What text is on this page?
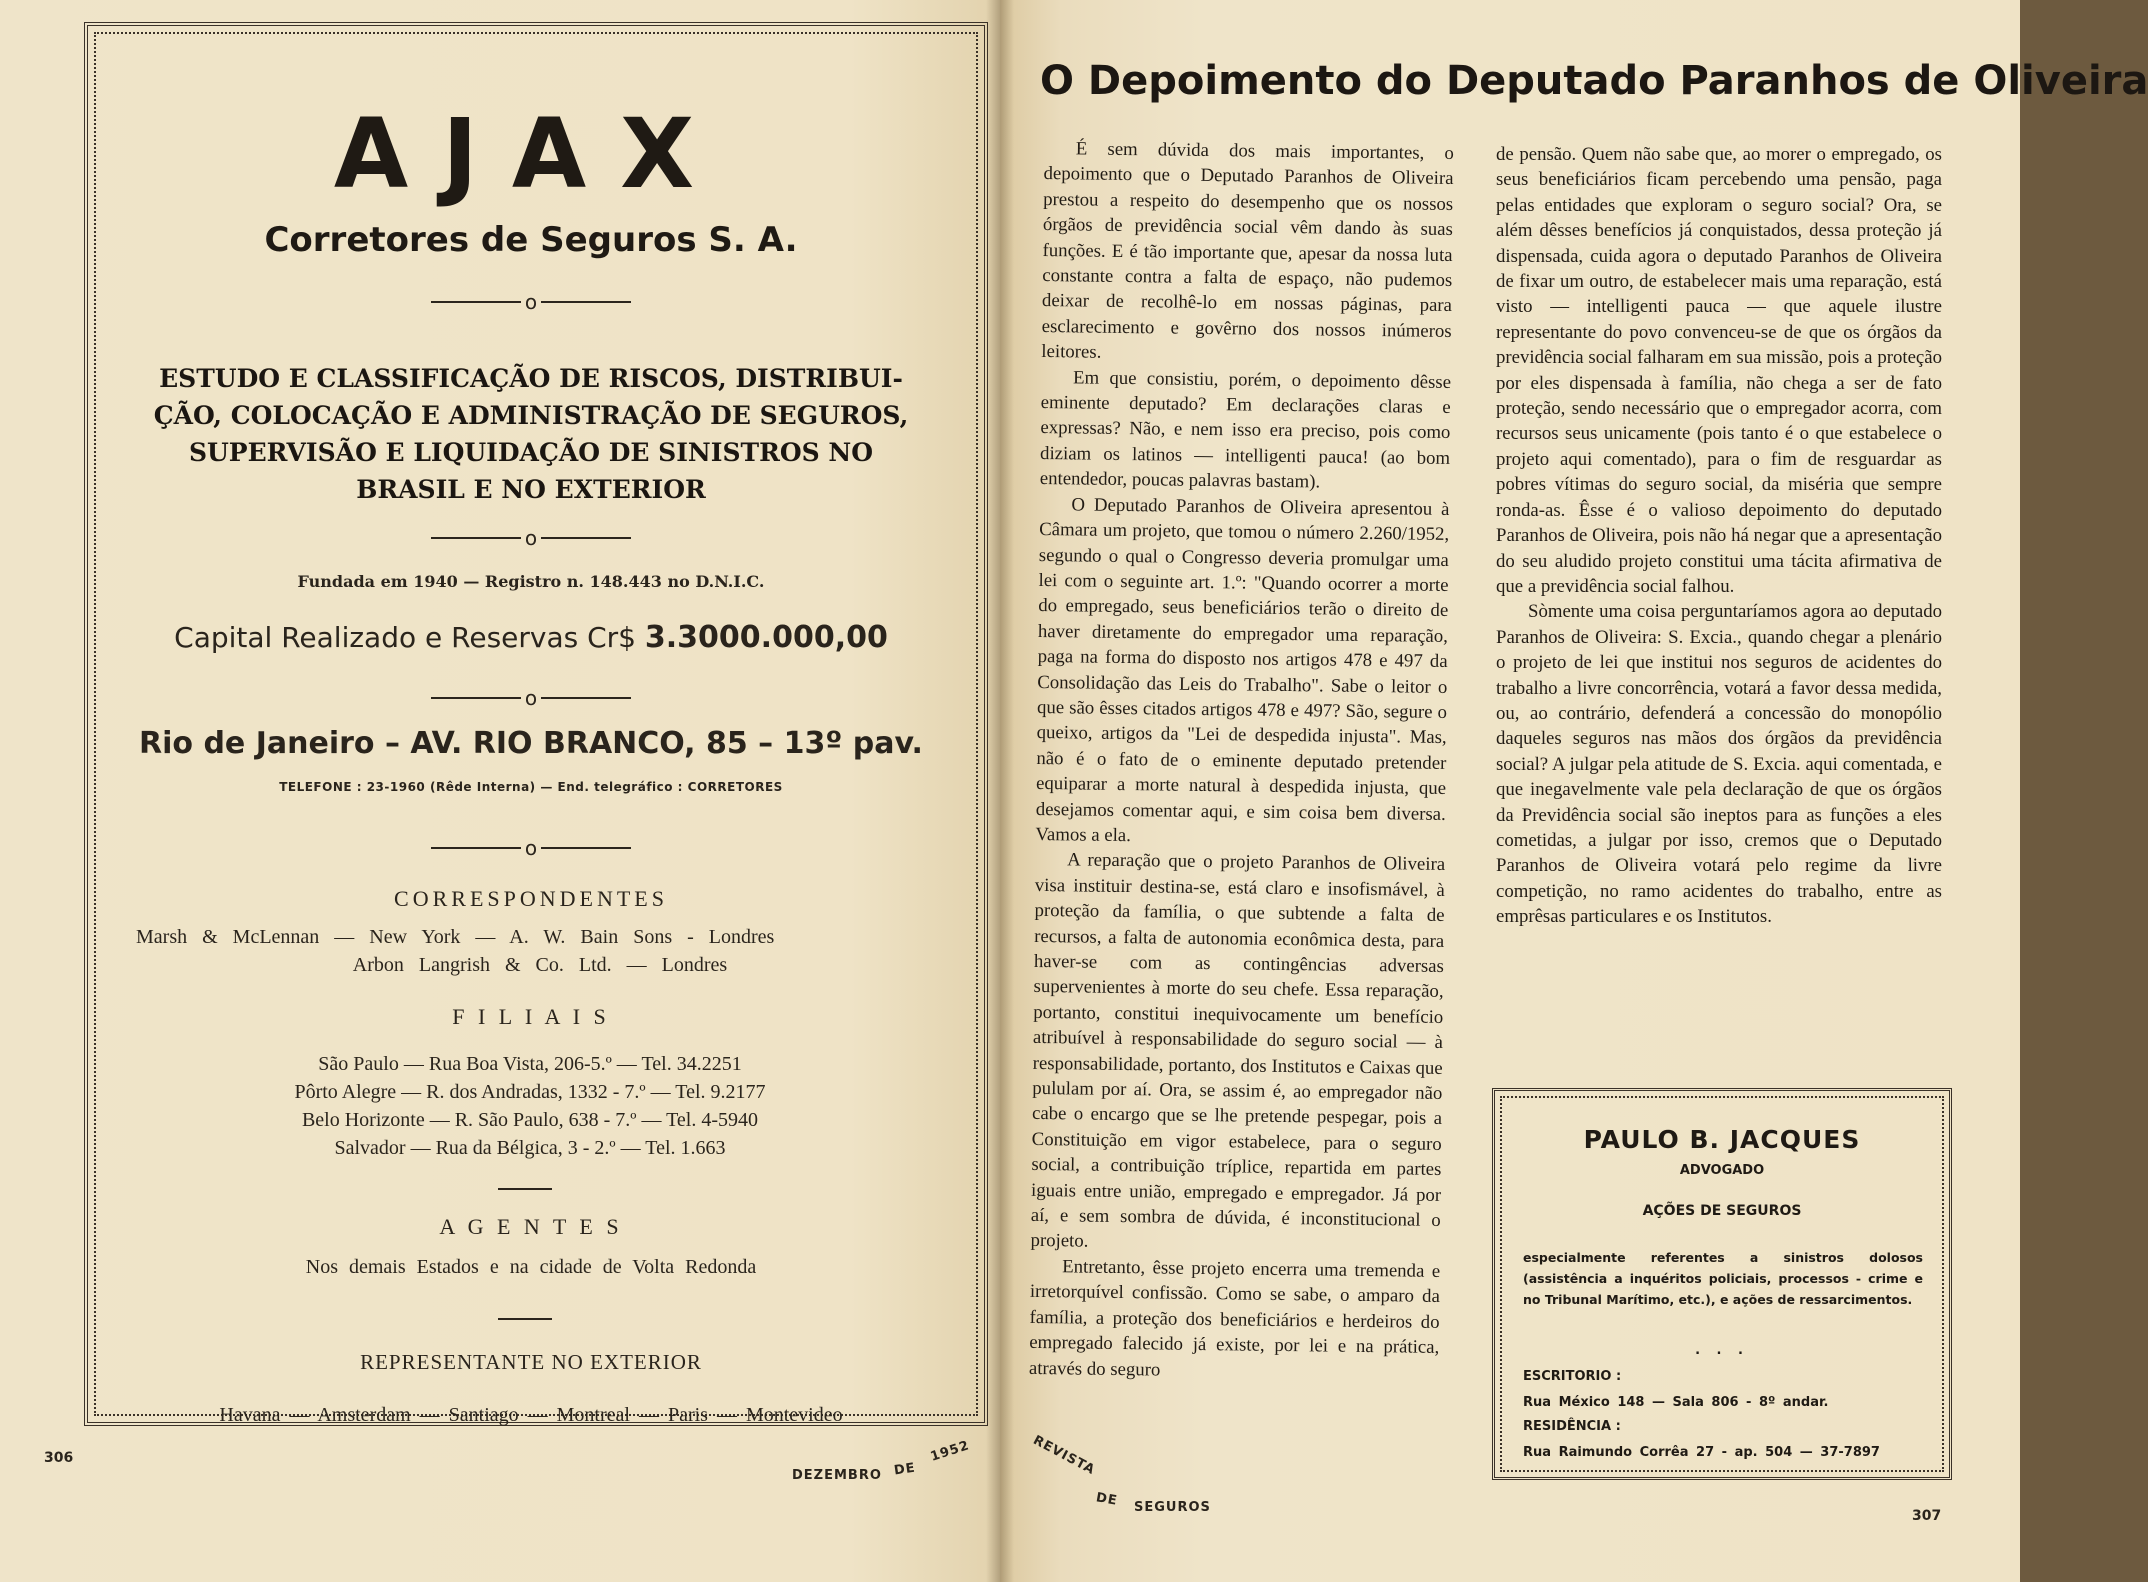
AJAX
Corretores de Seguros S. A.
o
ESTUDO E CLASSIFICAÇÃO DE RISCOS, DISTRIBUI-
ÇÃO, COLOCAÇÃO E ADMINISTRAÇÃO DE SEGUROS,
SUPERVISÃO E LIQUIDAÇÃO DE SINISTROS NO
BRASIL E NO EXTERIOR
o
Fundada em 1940 — Registro n. 148.443 no D.N.I.C.
Capital Realizado e Reservas Cr$ 3.3000.000,00
o
Rio de Janeiro – AV. RIO BRANCO, 85 – 13º pav.
TELEFONE : 23-1960 (Rêde Interna) — End. telegráfico : CORRETORES
o
CORRESPONDENTES
Marsh & McLennan — New York — A. W. Bain Sons - Londres
Arbon Langrish & Co. Ltd. — Londres
F I L I A I S
São Paulo — Rua Boa Vista, 206-5.º — Tel. 34.2251
Pôrto Alegre — R. dos Andradas, 1332 - 7.º — Tel. 9.2177
Belo Horizonte — R. São Paulo, 638 - 7.º — Tel. 4-5940
Salvador — Rua da Bélgica, 3 - 2.º — Tel. 1.663
A G E N T E S
Nos demais Estados e na cidade de Volta Redonda
REPRESENTANTE NO EXTERIOR
Havana — Amsterdam — Santiago — Montreal — Paris — Montevideo
306
DEZEMBRO DE
1952
O Depoimento do Deputado Paranhos de Oliveira

É sem dúvida dos mais importantes, o depoimento que o Deputado Paranhos de Oliveira prestou a respeito do desempenho que os nossos órgãos de previdência social vêm dando às suas funções. E é tão importante que, apesar da nossa luta constante contra a falta de espaço, não pudemos deixar de recolhê-lo em nossas páginas, para esclarecimento e govêrno dos nossos inúmeros leitores.

Em que consistiu, porém, o depoimento dêsse eminente deputado? Em declarações claras e expressas? Não, e nem isso era preciso, pois como diziam os latinos — intelligenti pauca! (ao bom entendedor, poucas palavras bastam).

O Deputado Paranhos de Oliveira apresentou à Câmara um projeto, que tomou o número 2.260/1952, segundo o qual o Congresso deveria promulgar uma lei com o seguinte art. 1.º: "Quando ocorrer a morte do empregado, seus beneficiários terão o direito de haver diretamente do empregador uma reparação, paga na forma do disposto nos artigos 478 e 497 da Consolidação das Leis do Trabalho". Sabe o leitor o que são êsses citados artigos 478 e 497? São, segure o queixo, artigos da "Lei de despedida injusta". Mas, não é o fato de o eminente deputado pretender equiparar a morte natural à despedida injusta, que desejamos comentar aqui, e sim coisa bem diversa. Vamos a ela.

A reparação que o projeto Paranhos de Oliveira visa instituir destina-se, está claro e insofismável, à proteção da família, o que subtende a falta de recursos, a falta de autonomia econômica desta, para haver-se com as contingências adversas supervenientes à morte do seu chefe. Essa reparação, portanto, constitui inequivocamente um benefício atribuível à responsabilidade do seguro social — à responsabilidade, portanto, dos Institutos e Caixas que pululam por aí. Ora, se assim é, ao empregador não cabe o encargo que se lhe pretende pespegar, pois a Constituição em vigor estabelece, para o seguro social, a contribuição tríplice, repartida em partes iguais entre união, empregado e empregador. Já por aí, e sem sombra de dúvida, é inconstitucional o projeto.

Entretanto, êsse projeto encerra uma tremenda e irretorquível confissão. Como se sabe, o amparo da família, a proteção dos beneficiários e herdeiros do empregado falecido já existe, por lei e na prática, através do seguro

de pensão. Quem não sabe que, ao morer o empregado, os seus beneficiários ficam percebendo uma pensão, paga pelas entidades que exploram o seguro social? Ora, se além dêsses benefícios já conquistados, dessa proteção já dispensada, cuida agora o deputado Paranhos de Oliveira de fixar um outro, de estabelecer mais uma reparação, está visto — intelligenti pauca — que aquele ilustre representante do povo convenceu-se de que os órgãos da previdência social falharam em sua missão, pois a proteção por eles dispensada à família, não chega a ser de fato proteção, sendo necessário que o empregador acorra, com recursos seus unicamente (pois tanto é o que estabelece o projeto aqui comentado), para o fim de resguardar as pobres vítimas do seguro social, da miséria que sempre ronda-as. Êsse é o valioso depoimento do deputado Paranhos de Oliveira, pois não há negar que a apresentação do seu aludido projeto constitui uma tácita afirmativa de que a previdência social falhou.

Sòmente uma coisa perguntaríamos agora ao deputado Paranhos de Oliveira: S. Excia., quando chegar a plenário o projeto de lei que institui nos seguros de acidentes do trabalho a livre concorrência, votará a favor dessa medida, ou, ao contrário, defenderá a concessão do monopólio daqueles seguros nas mãos dos órgãos da previdência social? A julgar pela atitude de S. Excia. aqui comentada, e que inegavelmente vale pela declaração de que os órgãos da Previdência social são ineptos para as funções a eles cometidas, a julgar por isso, cremos que o Deputado Paranhos de Oliveira votará pelo regime da livre competição, no ramo acidentes do trabalho, entre as emprêsas particulares e os Institutos.

PAULO B. JACQUES
ADVOGADO
AÇÕES DE SEGUROS
especialmente referentes a sinistros dolosos (assistência a inquéritos policiais, processos - crime e no Tribunal Marítimo, etc.), e ações de ressarcimentos.
. . .
ESCRITORIO :
Rua México 148 — Sala 806 - 8º andar.
RESIDÊNCIA :
Rua Raimundo Corrêa 27 - ap. 504 — 37-7897
REVISTA
DE SEGUROS
307
